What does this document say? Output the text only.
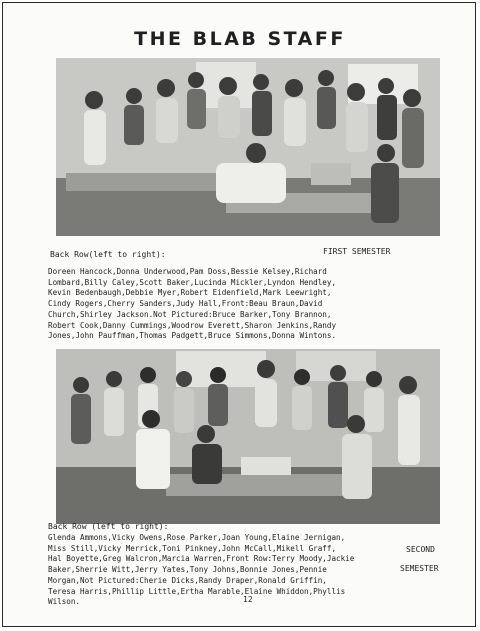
THE BLAB STAFF

Back Row(left to right):	FIRST SEMESTER

Doreen Hancock,Donna Underwood,Pam Doss,Bessie Kelsey,Richard
Lombard,Billy Caley,Scott Baker,Lucinda Mickler,Lyndon Hendley,
Kevin Bedenbaugh,Debbie Myer,Robert Eidenfield,Mark Leewright,
Cindy Rogers,Cherry Sanders,Judy Hall,Front:Beau Braun,David
Church,Shirley Jackson.Not Pictured:Bruce Barker,Tony Brannon,
Robert Cook,Danny Cummings,Woodrow Everett,Sharon Jenkins,Randy
Jones,John Pauffman,Thomas Padgett,Bruce Simmons,Donna Wintons.

Back Row (left to right):

SECOND

SEMESTER

Glenda Ammons,Vicky Owens,Rose Parker,Joan Young,Elaine Jernigan,
Miss Still,Vicky Merrick,Toni Pinkney,John McCall,Mikell Graff,
Hal Boyette,Greg Walcron,Marcia Warren,Front Row:Terry Moody,Jackie
Baker,Sherrie Witt,Jerry Yates,Tony Johns,Bonnie Jones,Pennie
Morgan,Not Pictured:Cherie Dicks,Randy Draper,Ronald Griffin,
Teresa Harris,Phillip Little,Ertha Marable,Elaine Whiddon,Phyllis
Wilson.	12
